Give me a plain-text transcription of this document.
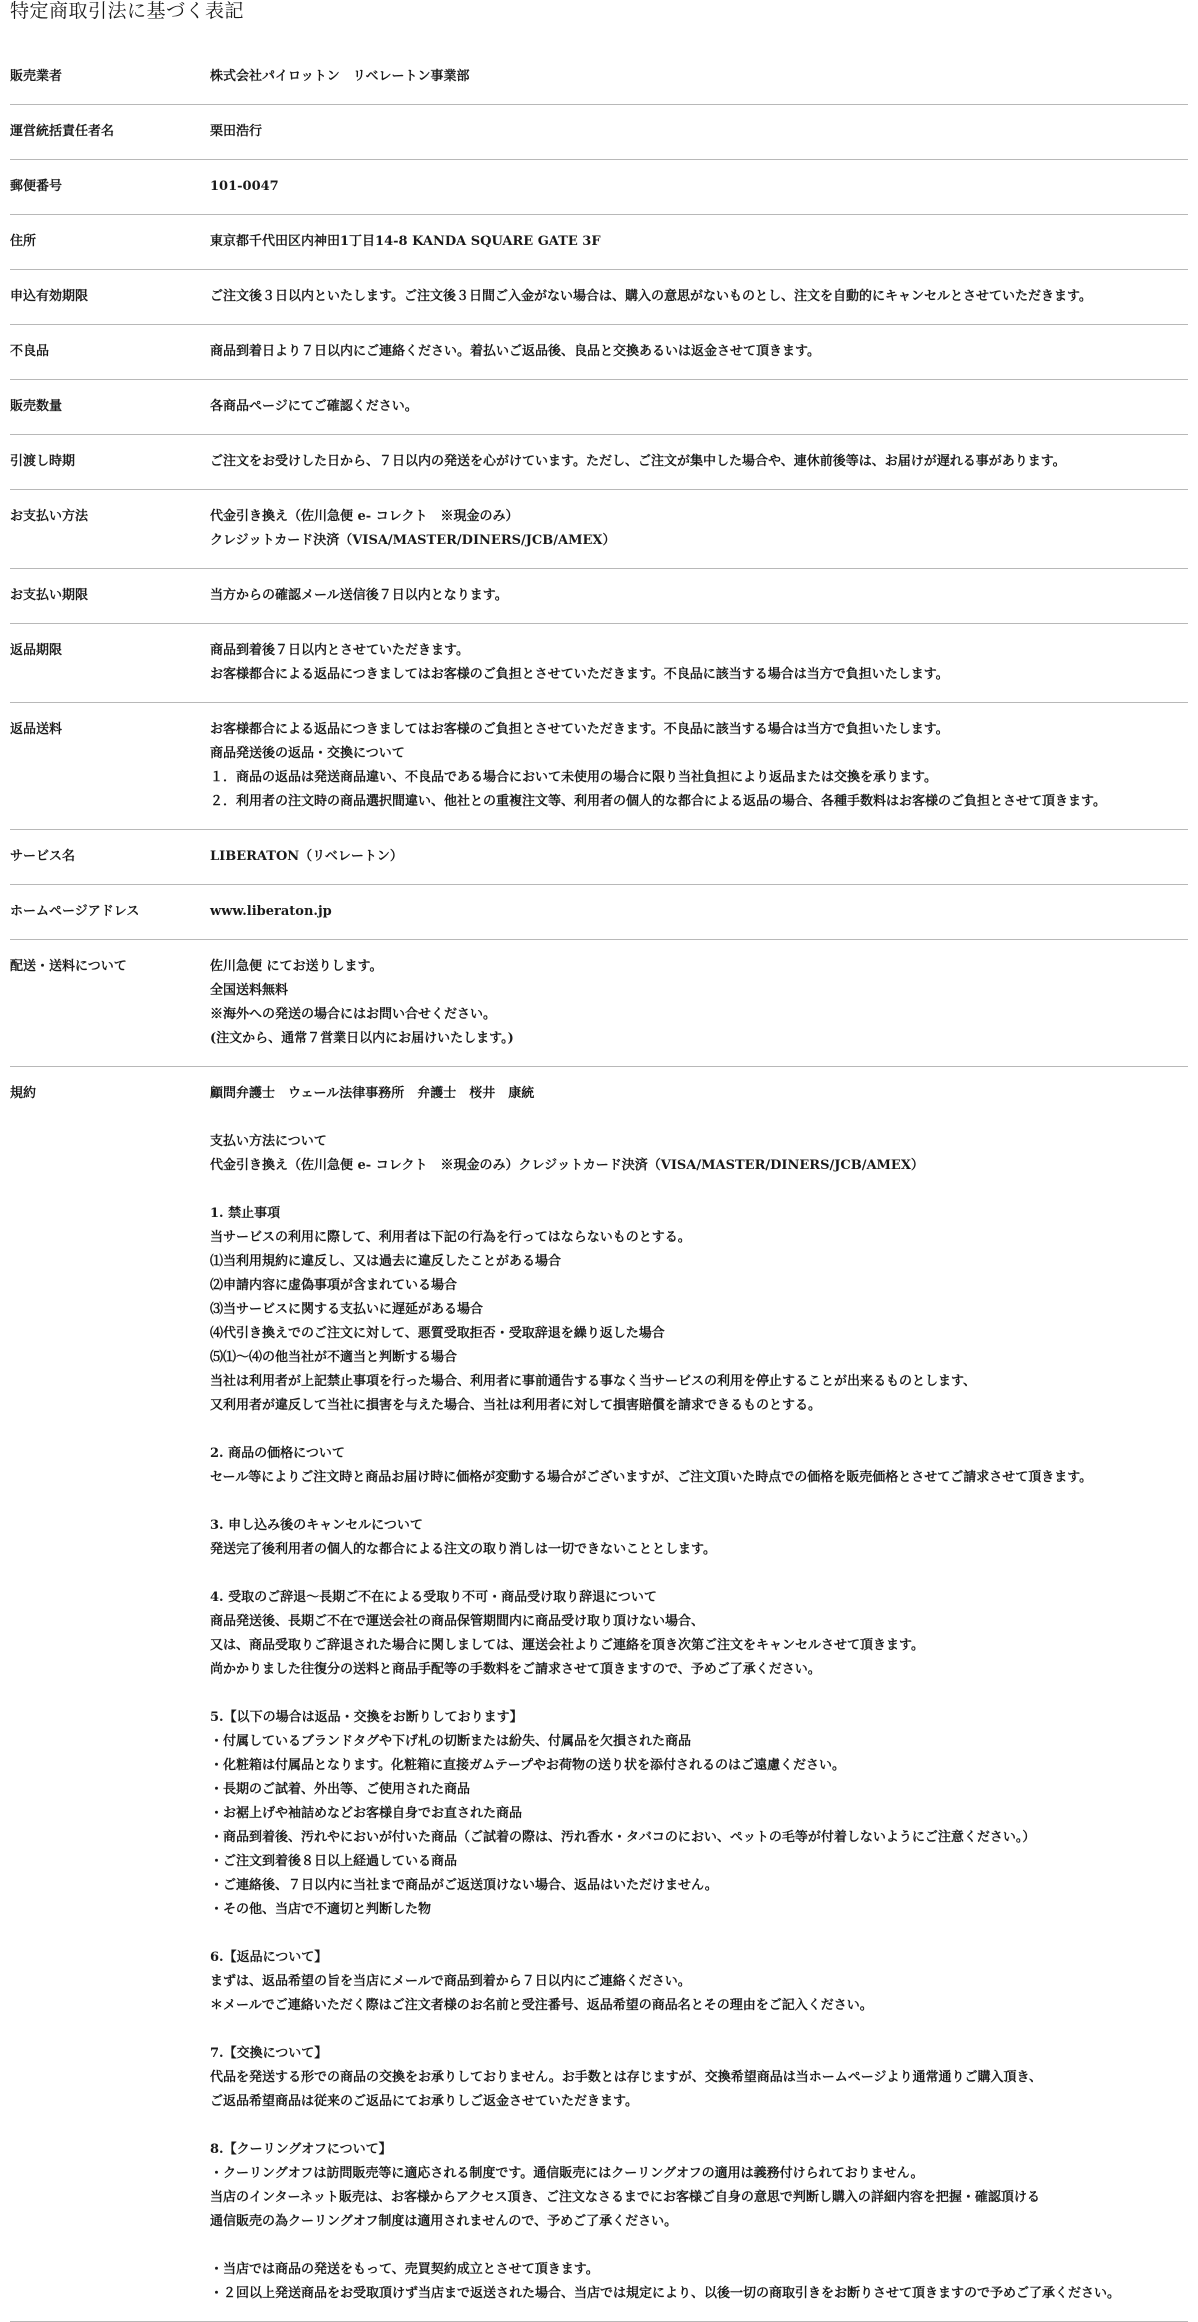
特定商取引法に基づく表記
販売業者	株式会社パイロットン　リベレートン事業部
運営統括責任者名	栗田浩行
郵便番号	101-0047
住所	東京都千代田区内神田1丁目14-8 KANDA SQUARE GATE 3F
申込有効期限	ご注文後３日以内といたします。ご注文後３日間ご入金がない場合は、購入の意思がないものとし、注文を自動的にキャンセルとさせていただきます。
不良品	商品到着日より７日以内にご連絡ください。着払いご返品後、良品と交換あるいは返金させて頂きます。
販売数量	各商品ページにてご確認ください。
引渡し時期	ご注文をお受けした日から、７日以内の発送を心がけています。ただし、ご注文が集中した場合や、連休前後等は、お届けが遅れる事があります。
お支払い方法	代金引き換え（佐川急便 e- コレクト　※現金のみ）
クレジットカード決済（VISA/MASTER/DINERS/JCB/AMEX）
お支払い期限	当方からの確認メール送信後７日以内となります。
返品期限	商品到着後７日以内とさせていただきます。
お客様都合による返品につきましてはお客様のご負担とさせていただきます。不良品に該当する場合は当方で負担いたします。
返品送料	お客様都合による返品につきましてはお客様のご負担とさせていただきます。不良品に該当する場合は当方で負担いたします。
商品発送後の返品・交換について
１．商品の返品は発送商品違い、不良品である場合において未使用の場合に限り当社負担により返品または交換を承ります。
２．利用者の注文時の商品選択間違い、他社との重複注文等、利用者の個人的な都合による返品の場合、各種手数料はお客様のご負担とさせて頂きます。
サービス名	LIBERATON（リベレートン）
ホームページアドレス	www.liberaton.jp
配送・送料について	佐川急便 にてお送りします。
全国送料無料
※海外への発送の場合にはお問い合せください。
(注文から、通常７営業日以内にお届けいたします。)
規約	顧問弁護士　ウェール法律事務所　弁護士　桜井　康統
支払い方法について
代金引き換え（佐川急便 e- コレクト　※現金のみ）クレジットカード決済（VISA/MASTER/DINERS/JCB/AMEX）
1. 禁止事項
当サービスの利用に際して、利用者は下記の行為を行ってはならないものとする。
⑴当利用規約に違反し、又は過去に違反したことがある場合
⑵申請内容に虚偽事項が含まれている場合
⑶当サービスに関する支払いに遅延がある場合
⑷代引き換えでのご注文に対して、悪質受取拒否・受取辞退を繰り返した場合
⑸⑴〜⑷の他当社が不適当と判断する場合
当社は利用者が上記禁止事項を行った場合、利用者に事前通告する事なく当サービスの利用を停止することが出来るものとします、
又利用者が違反して当社に損害を与えた場合、当社は利用者に対して損害賠償を請求できるものとする。
2. 商品の価格について
セール等によりご注文時と商品お届け時に価格が変動する場合がございますが、ご注文頂いた時点での価格を販売価格とさせてご請求させて頂きます。
3. 申し込み後のキャンセルについて
発送完了後利用者の個人的な都合による注文の取り消しは一切できないこととします。
4. 受取のご辞退〜長期ご不在による受取り不可・商品受け取り辞退について
商品発送後、長期ご不在で運送会社の商品保管期間内に商品受け取り頂けない場合、
又は、商品受取りご辞退された場合に関しましては、運送会社よりご連絡を頂き次第ご注文をキャンセルさせて頂きます。
尚かかりました往復分の送料と商品手配等の手数料をご請求させて頂きますので、予めご了承ください。
5.【以下の場合は返品・交換をお断りしております】
・付属しているブランドタグや下げ札の切断または紛失、付属品を欠損された商品
・化粧箱は付属品となります。化粧箱に直接ガムテープやお荷物の送り状を添付されるのはご遠慮ください。
・長期のご試着、外出等、ご使用された商品
・お裾上げや袖詰めなどお客様自身でお直された商品
・商品到着後、汚れやにおいが付いた商品（ご試着の際は、汚れ香水・タバコのにおい、ペットの毛等が付着しないようにご注意ください。）
・ご注文到着後８日以上経過している商品
・ご連絡後、７日以内に当社まで商品がご返送頂けない場合、返品はいただけません。
・その他、当店で不適切と判断した物
6.【返品について】
まずは、返品希望の旨を当店にメールで商品到着から７日以内にご連絡ください。
＊メールでご連絡いただく際はご注文者様のお名前と受注番号、返品希望の商品名とその理由をご記入ください。
7.【交換について】
代品を発送する形での商品の交換をお承りしておりません。お手数とは存じますが、交換希望商品は当ホームページより通常通りご購入頂き、
ご返品希望商品は従来のご返品にてお承りしご返金させていただきます。
8.【クーリングオフについて】
・クーリングオフは訪問販売等に適応される制度です。通信販売にはクーリングオフの適用は義務付けられておりません。
当店のインターネット販売は、お客様からアクセス頂き、ご注文なさるまでにお客様ご自身の意思で判断し購入の詳細内容を把握・確認頂ける
通信販売の為クーリングオフ制度は適用されませんので、予めご了承ください。
・当店では商品の発送をもって、売買契約成立とさせて頂きます。
・２回以上発送商品をお受取頂けず当店まで返送された場合、当店では規定により、以後一切の商取引きをお断りさせて頂きますので予めご了承ください。
